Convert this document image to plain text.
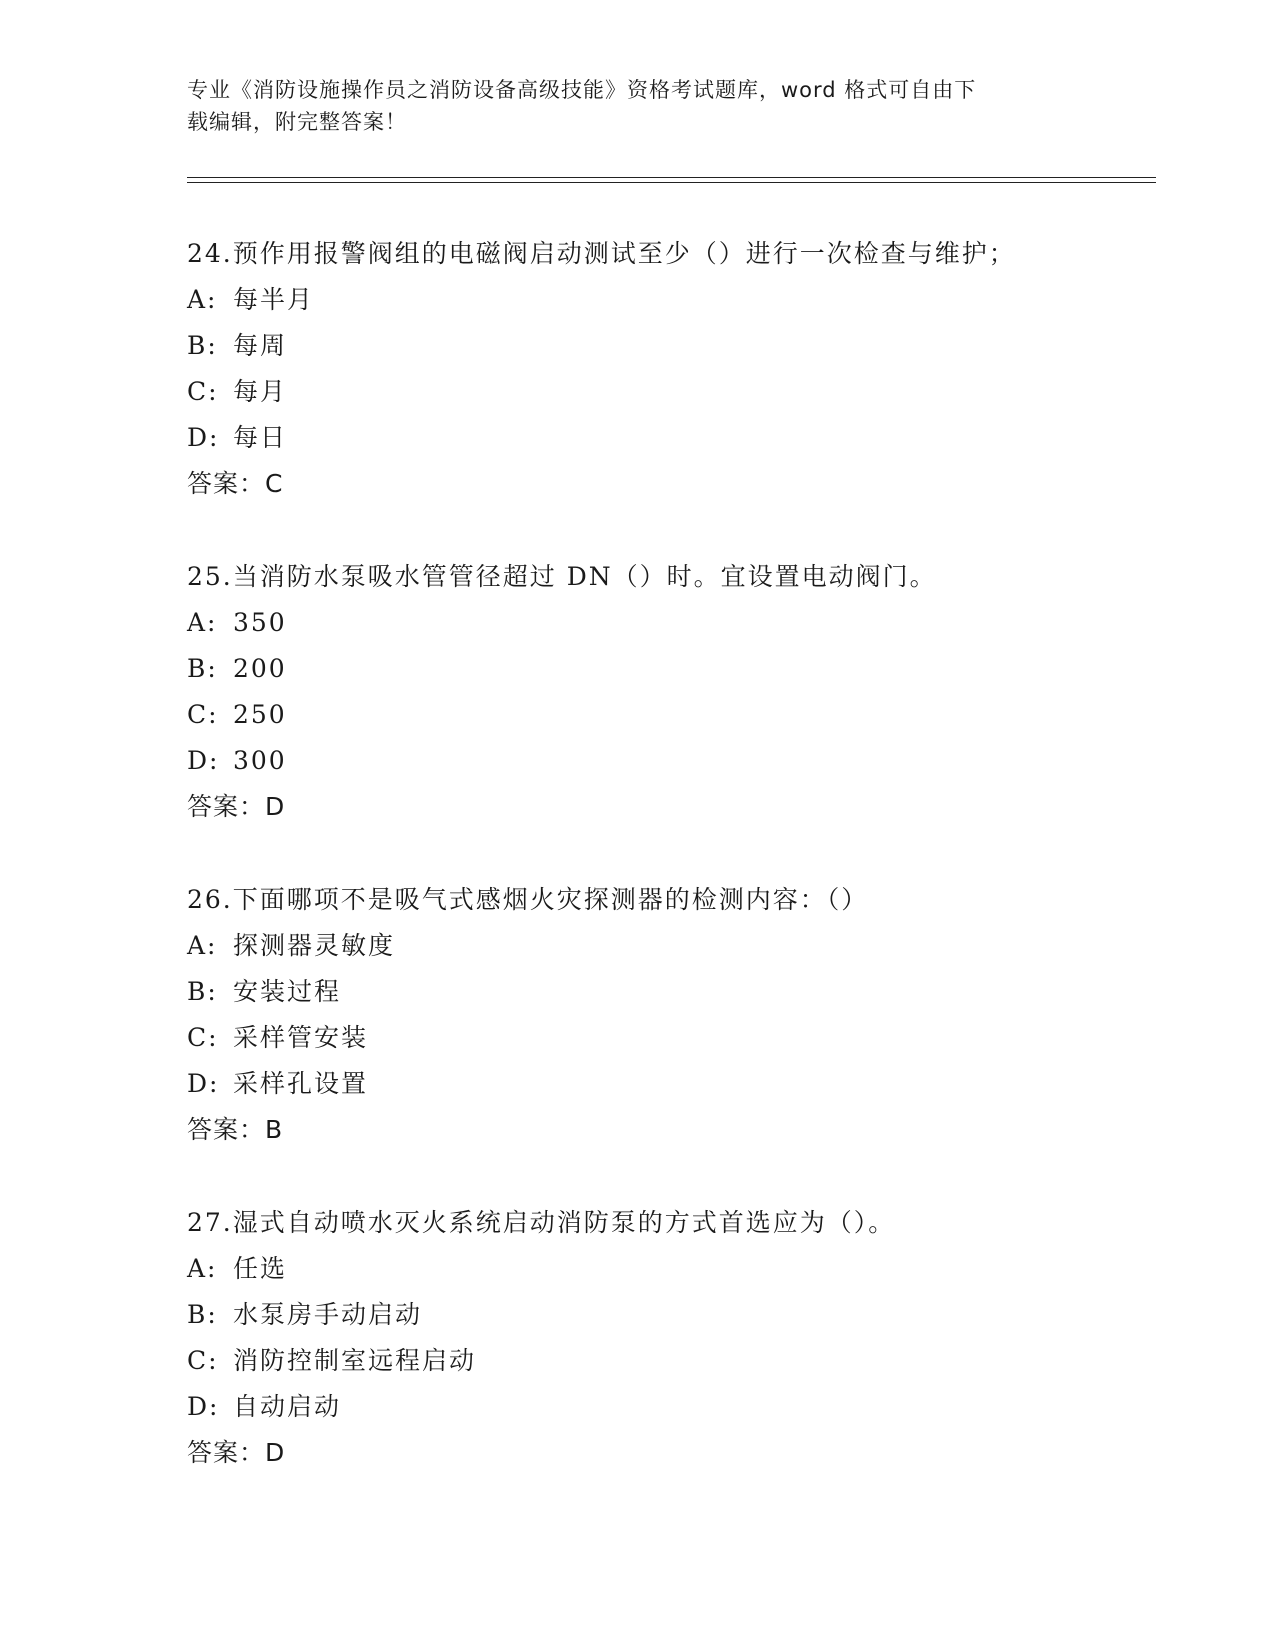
专业《消防设施操作员之消防设备高级技能》资格考试题库，word 格式可自由下
载编辑，附完整答案！
24.预作用报警阀组的电磁阀启动测试至少（）进行一次检查与维护；
A: 每半月
B: 每周
C: 每月
D: 每日
答案：C
25.当消防水泵吸水管管径超过 DN（）时。宜设置电动阀门。
A: 350
B: 200
C: 250
D: 300
答案：D
26.下面哪项不是吸气式感烟火灾探测器的检测内容：（）
A: 探测器灵敏度
B: 安装过程
C: 采样管安装
D: 采样孔设置
答案：B
27.湿式自动喷水灭火系统启动消防泵的方式首选应为（）。
A: 任选
B: 水泵房手动启动
C: 消防控制室远程启动
D: 自动启动
答案：D
